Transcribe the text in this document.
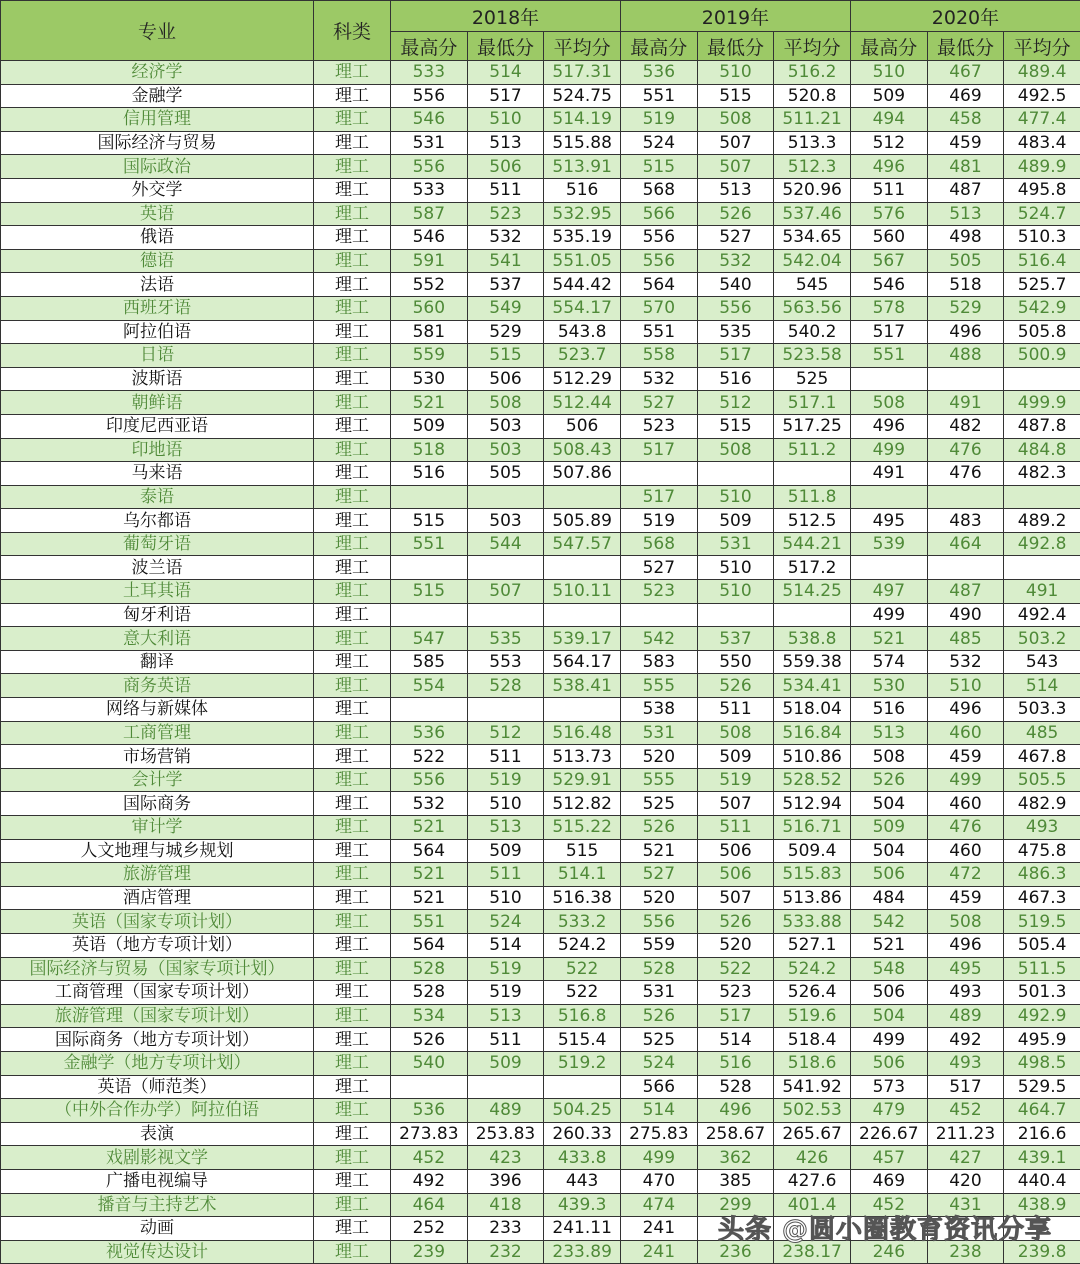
专业	科类	2018年			2019年			2020年		
		最高分	最低分	平均分	最高分	最低分	平均分	最高分	最低分	平均分
经济学	理工	533	514	517.31	536	510	516.2	510	467	489.4
金融学	理工	556	517	524.75	551	515	520.8	509	469	492.5
信用管理	理工	546	510	514.19	519	508	511.21	494	458	477.4
国际经济与贸易	理工	531	513	515.88	524	507	513.3	512	459	483.4
国际政治	理工	556	506	513.91	515	507	512.3	496	481	489.9
外交学	理工	533	511	516	568	513	520.96	511	487	495.8
英语	理工	587	523	532.95	566	526	537.46	576	513	524.7
俄语	理工	546	532	535.19	556	527	534.65	560	498	510.3
德语	理工	591	541	551.05	556	532	542.04	567	505	516.4
法语	理工	552	537	544.42	564	540	545	546	518	525.7
西班牙语	理工	560	549	554.17	570	556	563.56	578	529	542.9
阿拉伯语	理工	581	529	543.8	551	535	540.2	517	496	505.8
日语	理工	559	515	523.7	558	517	523.58	551	488	500.9
波斯语	理工	530	506	512.29	532	516	525			
朝鲜语	理工	521	508	512.44	527	512	517.1	508	491	499.9
印度尼西亚语	理工	509	503	506	523	515	517.25	496	482	487.8
印地语	理工	518	503	508.43	517	508	511.2	499	476	484.8
马来语	理工	516	505	507.86				491	476	482.3
泰语	理工				517	510	511.8			
乌尔都语	理工	515	503	505.89	519	509	512.5	495	483	489.2
葡萄牙语	理工	551	544	547.57	568	531	544.21	539	464	492.8
波兰语	理工				527	510	517.2			
土耳其语	理工	515	507	510.11	523	510	514.25	497	487	491
匈牙利语	理工							499	490	492.4
意大利语	理工	547	535	539.17	542	537	538.8	521	485	503.2
翻译	理工	585	553	564.17	583	550	559.38	574	532	543
商务英语	理工	554	528	538.41	555	526	534.41	530	510	514
网络与新媒体	理工				538	511	518.04	516	496	503.3
工商管理	理工	536	512	516.48	531	508	516.84	513	460	485
市场营销	理工	522	511	513.73	520	509	510.86	508	459	467.8
会计学	理工	556	519	529.91	555	519	528.52	526	499	505.5
国际商务	理工	532	510	512.82	525	507	512.94	504	460	482.9
审计学	理工	521	513	515.22	526	511	516.71	509	476	493
人文地理与城乡规划	理工	564	509	515	521	506	509.4	504	460	475.8
旅游管理	理工	521	511	514.1	527	506	515.83	506	472	486.3
酒店管理	理工	521	510	516.38	520	507	513.86	484	459	467.3
英语（国家专项计划）	理工	551	524	533.2	556	526	533.88	542	508	519.5
英语（地方专项计划）	理工	564	514	524.2	559	520	527.1	521	496	505.4
国际经济与贸易（国家专项计划）	理工	528	519	522	528	522	524.2	548	495	511.5
工商管理（国家专项计划）	理工	528	519	522	531	523	526.4	506	493	501.3
旅游管理（国家专项计划）	理工	534	513	516.8	526	517	519.6	504	489	492.9
国际商务（地方专项计划）	理工	526	511	515.4	525	514	518.4	499	492	495.9
金融学（地方专项计划）	理工	540	509	519.2	524	516	518.6	506	493	498.5
英语（师范类）	理工				566	528	541.92	573	517	529.5
（中外合作办学）阿拉伯语	理工	536	489	504.25	514	496	502.53	479	452	464.7
表演	理工	273.83	253.83	260.33	275.83	258.67	265.67	226.67	211.23	216.6
戏剧影视文学	理工	452	423	433.8	499	362	426	457	427	439.1
广播电视编导	理工	492	396	443	470	385	427.6	469	420	440.4
播音与主持艺术	理工	464	418	439.3	474	299	401.4	452	431	438.9
动画	理工	252	233	241.11	241					
视觉传达设计	理工	239	232	233.89	241	236	238.17	246	238	239.8
头条 @圆小圈教育资讯分享
